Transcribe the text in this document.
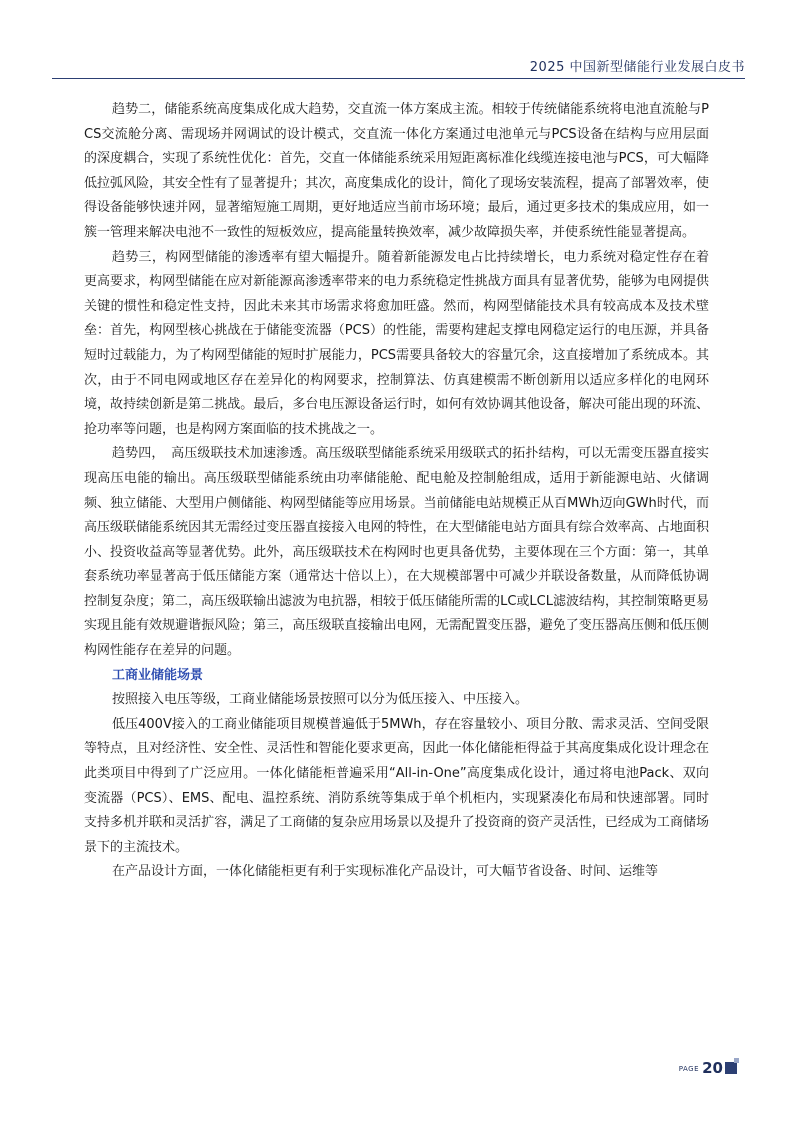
2025 中国新型储能行业发展白皮书

趋势二，储能系统高度集成化成大趋势，交直流一体方案成主流。相较于传统储能系统将电池直流舱与PCS交流舱分离、需现场并网调试的设计模式，交直流一体化方案通过电池单元与PCS设备在结构与应用层面的深度耦合，实现了系统性优化：首先，交直一体储能系统采用短距离标准化线缆连接电池与PCS，可大幅降低拉弧风险，其安全性有了显著提升；其次，高度集成化的设计，简化了现场安装流程，提高了部署效率，使得设备能够快速并网，显著缩短施工周期，更好地适应当前市场环境；最后，通过更多技术的集成应用，如一簇一管理来解决电池不一致性的短板效应，提高能量转换效率，减少故障损失率，并使系统性能显著提高。

趋势三，构网型储能的渗透率有望大幅提升。随着新能源发电占比持续增长，电力系统对稳定性存在着更高要求，构网型储能在应对新能源高渗透率带来的电力系统稳定性挑战方面具有显著优势，能够为电网提供关键的惯性和稳定性支持，因此未来其市场需求将愈加旺盛。然而，构网型储能技术具有较高成本及技术壁垒：首先，构网型核心挑战在于储能变流器（PCS）的性能，需要构建起支撑电网稳定运行的电压源，并具备短时过载能力，为了构网型储能的短时扩展能力，PCS需要具备较大的容量冗余，这直接增加了系统成本。其次，由于不同电网或地区存在差异化的构网要求，控制算法、仿真建模需不断创新用以适应多样化的电网环境，故持续创新是第二挑战。最后，多台电压源设备运行时，如何有效协调其他设备，解决可能出现的环流、抢功率等问题，也是构网方案面临的技术挑战之一。

趋势四，　高压级联技术加速渗透。高压级联型储能系统采用级联式的拓扑结构，可以无需变压器直接实现高压电能的输出。高压级联型储能系统由功率储能舱、配电舱及控制舱组成，适用于新能源电站、火储调频、独立储能、大型用户侧储能、构网型储能等应用场景。当前储能电站规模正从百MWh迈向GWh时代，而高压级联储能系统因其无需经过变压器直接接入电网的特性，在大型储能电站方面具有综合效率高、占地面积小、投资收益高等显著优势。此外，高压级联技术在构网时也更具备优势，主要体现在三个方面：第一，其单套系统功率显著高于低压储能方案（通常达十倍以上），在大规模部署中可减少并联设备数量，从而降低协调控制复杂度；第二，高压级联输出滤波为电抗器，相较于低压储能所需的LC或LCL滤波结构，其控制策略更易实现且能有效规避谐振风险；第三，高压级联直接输出电网，无需配置变压器，避免了变压器高压侧和低压侧构网性能存在差异的问题。

工商业储能场景

按照接入电压等级，工商业储能场景按照可以分为低压接入、中压接入。

低压400V接入的工商业储能项目规模普遍低于5MWh，存在容量较小、项目分散、需求灵活、空间受限等特点，且对经济性、安全性、灵活性和智能化要求更高，因此一体化储能柜得益于其高度集成化设计理念在此类项目中得到了广泛应用。一体化储能柜普遍采用“All-in-One”高度集成化设计，通过将电池Pack、双向变流器（PCS）、EMS、配电、温控系统、消防系统等集成于单个机柜内，实现紧凑化布局和快速部署。同时支持多机并联和灵活扩容，满足了工商储的复杂应用场景以及提升了投资商的资产灵活性，已经成为工商储场景下的主流技术。

在产品设计方面，一体化储能柜更有利于实现标准化产品设计，可大幅节省设备、时间、运维等

PAGE 20
